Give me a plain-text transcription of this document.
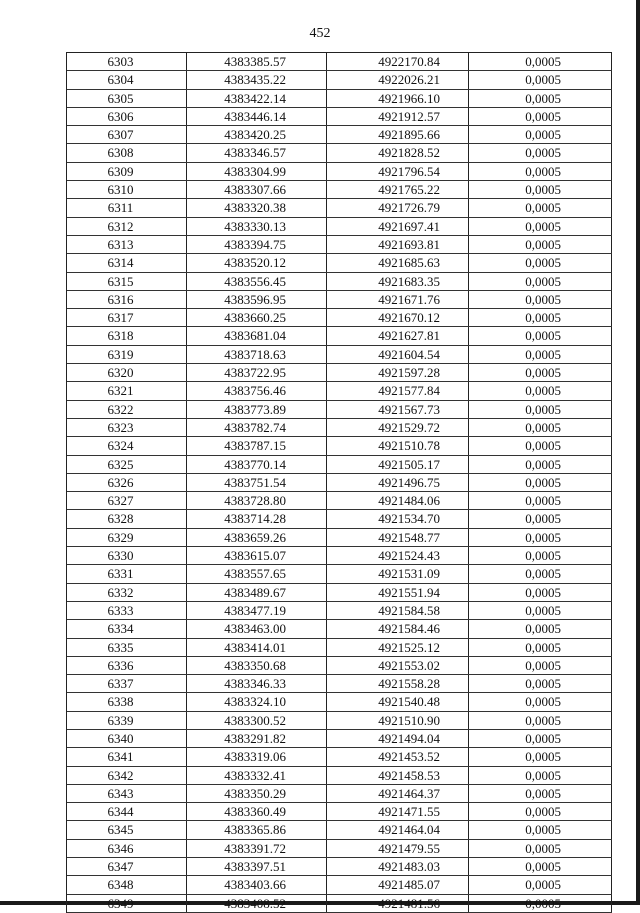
452
6303	4383385.57	4922170.84	0,0005
6304	4383435.22	4922026.21	0,0005
6305	4383422.14	4921966.10	0,0005
6306	4383446.14	4921912.57	0,0005
6307	4383420.25	4921895.66	0,0005
6308	4383346.57	4921828.52	0,0005
6309	4383304.99	4921796.54	0,0005
6310	4383307.66	4921765.22	0,0005
6311	4383320.38	4921726.79	0,0005
6312	4383330.13	4921697.41	0,0005
6313	4383394.75	4921693.81	0,0005
6314	4383520.12	4921685.63	0,0005
6315	4383556.45	4921683.35	0,0005
6316	4383596.95	4921671.76	0,0005
6317	4383660.25	4921670.12	0,0005
6318	4383681.04	4921627.81	0,0005
6319	4383718.63	4921604.54	0,0005
6320	4383722.95	4921597.28	0,0005
6321	4383756.46	4921577.84	0,0005
6322	4383773.89	4921567.73	0,0005
6323	4383782.74	4921529.72	0,0005
6324	4383787.15	4921510.78	0,0005
6325	4383770.14	4921505.17	0,0005
6326	4383751.54	4921496.75	0,0005
6327	4383728.80	4921484.06	0,0005
6328	4383714.28	4921534.70	0,0005
6329	4383659.26	4921548.77	0,0005
6330	4383615.07	4921524.43	0,0005
6331	4383557.65	4921531.09	0,0005
6332	4383489.67	4921551.94	0,0005
6333	4383477.19	4921584.58	0,0005
6334	4383463.00	4921584.46	0,0005
6335	4383414.01	4921525.12	0,0005
6336	4383350.68	4921553.02	0,0005
6337	4383346.33	4921558.28	0,0005
6338	4383324.10	4921540.48	0,0005
6339	4383300.52	4921510.90	0,0005
6340	4383291.82	4921494.04	0,0005
6341	4383319.06	4921453.52	0,0005
6342	4383332.41	4921458.53	0,0005
6343	4383350.29	4921464.37	0,0005
6344	4383360.49	4921471.55	0,0005
6345	4383365.86	4921464.04	0,0005
6346	4383391.72	4921479.55	0,0005
6347	4383397.51	4921483.03	0,0005
6348	4383403.66	4921485.07	0,0005
6349	4383408.52	4921481.56	0,0005
